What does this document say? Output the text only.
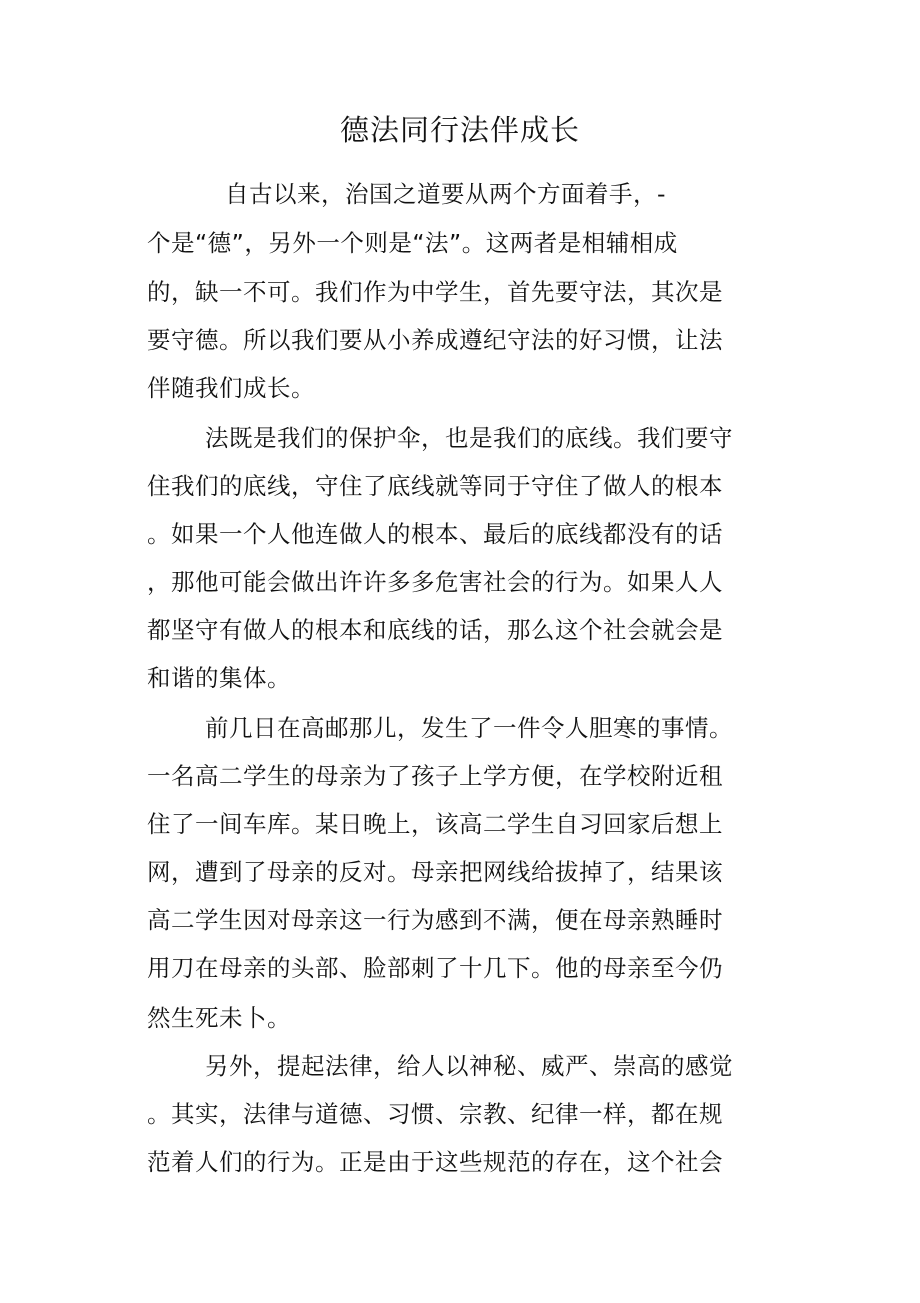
德法同行法伴成长
自古以来，治国之道要从两个方面着手，-
个是“德”，另外一个则是“法”。这两者是相辅相成
的，缺一不可。我们作为中学生，首先要守法，其次是
要守德。所以我们要从小养成遵纪守法的好习惯，让法
伴随我们成长。
法既是我们的保护伞，也是我们的底线。我们要守
住我们的底线，守住了底线就等同于守住了做人的根本
。如果一个人他连做人的根本、最后的底线都没有的话
，那他可能会做出许许多多危害社会的行为。如果人人
都坚守有做人的根本和底线的话，那么这个社会就会是
和谐的集体。
前几日在高邮那儿，发生了一件令人胆寒的事情。
一名高二学生的母亲为了孩子上学方便，在学校附近租
住了一间车库。某日晚上，该高二学生自习回家后想上
网，遭到了母亲的反对。母亲把网线给拔掉了，结果该
高二学生因对母亲这一行为感到不满，便在母亲熟睡时
用刀在母亲的头部、脸部刺了十几下。他的母亲至今仍
然生死未卜。
另外，提起法律，给人以神秘、威严、崇高的感觉
。其实，法律与道德、习惯、宗教、纪律一样，都在规
范着人们的行为。正是由于这些规范的存在，这个社会
